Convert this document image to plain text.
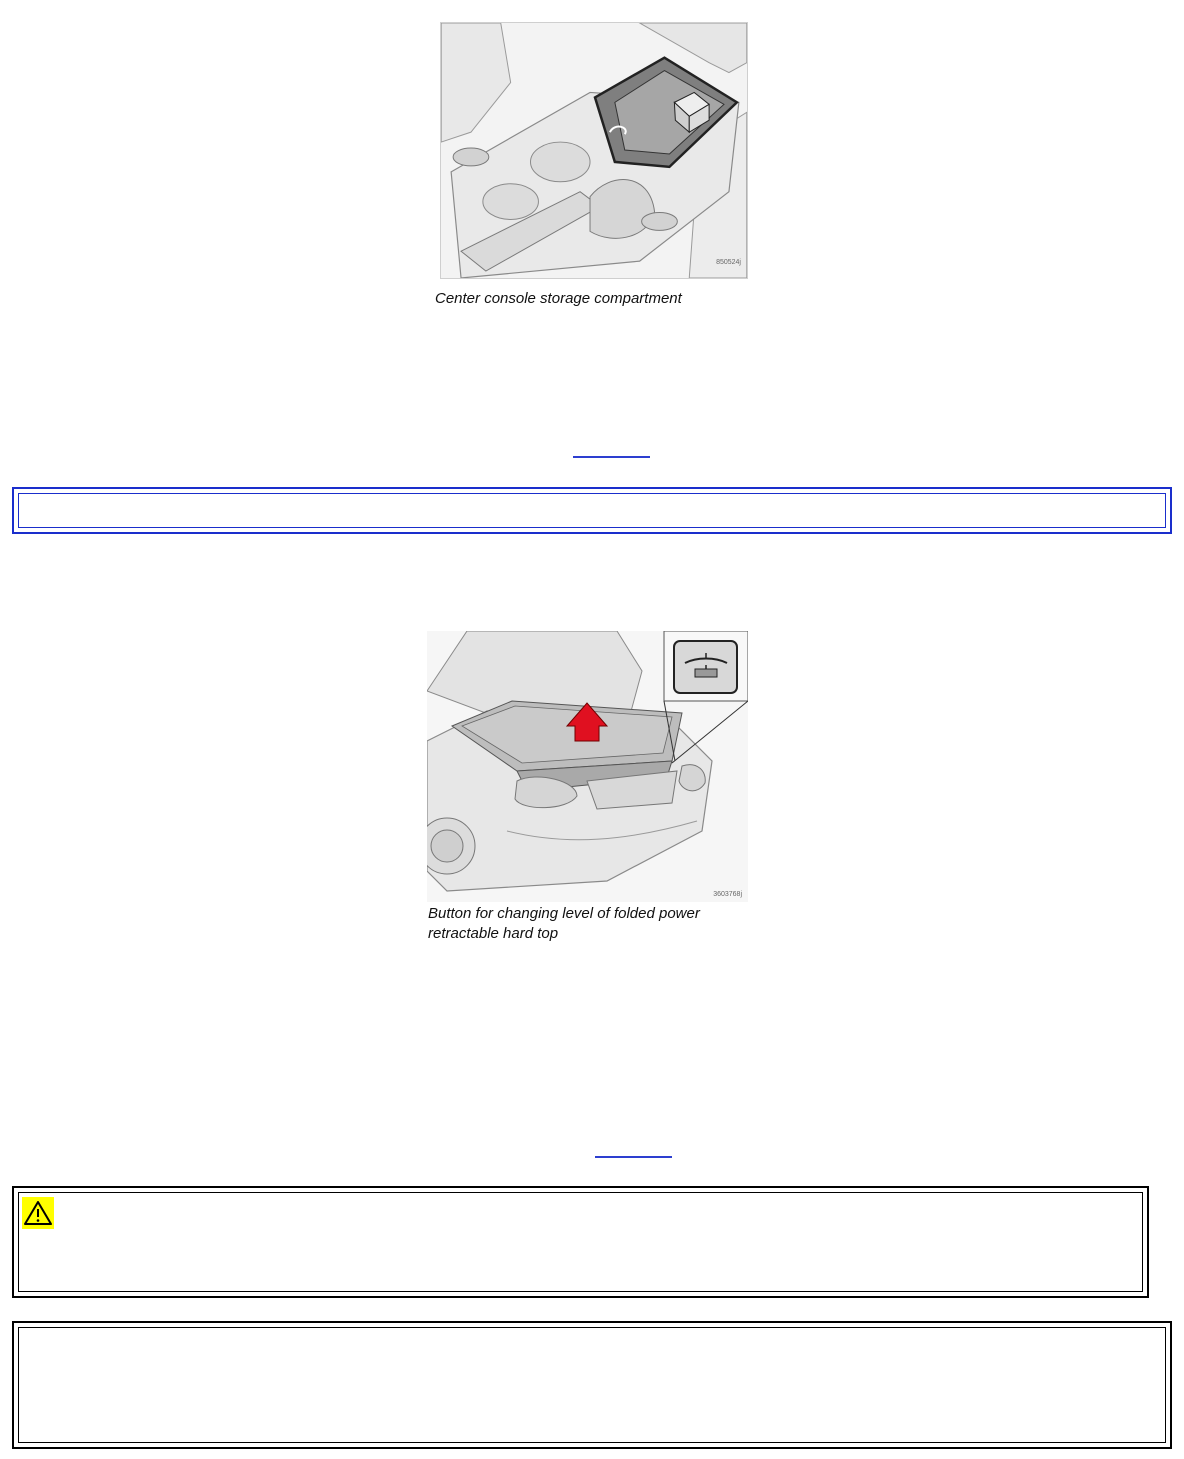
850524j
Center console storage compartment
3603768j
Button for changing level of folded power
retractable hard top
